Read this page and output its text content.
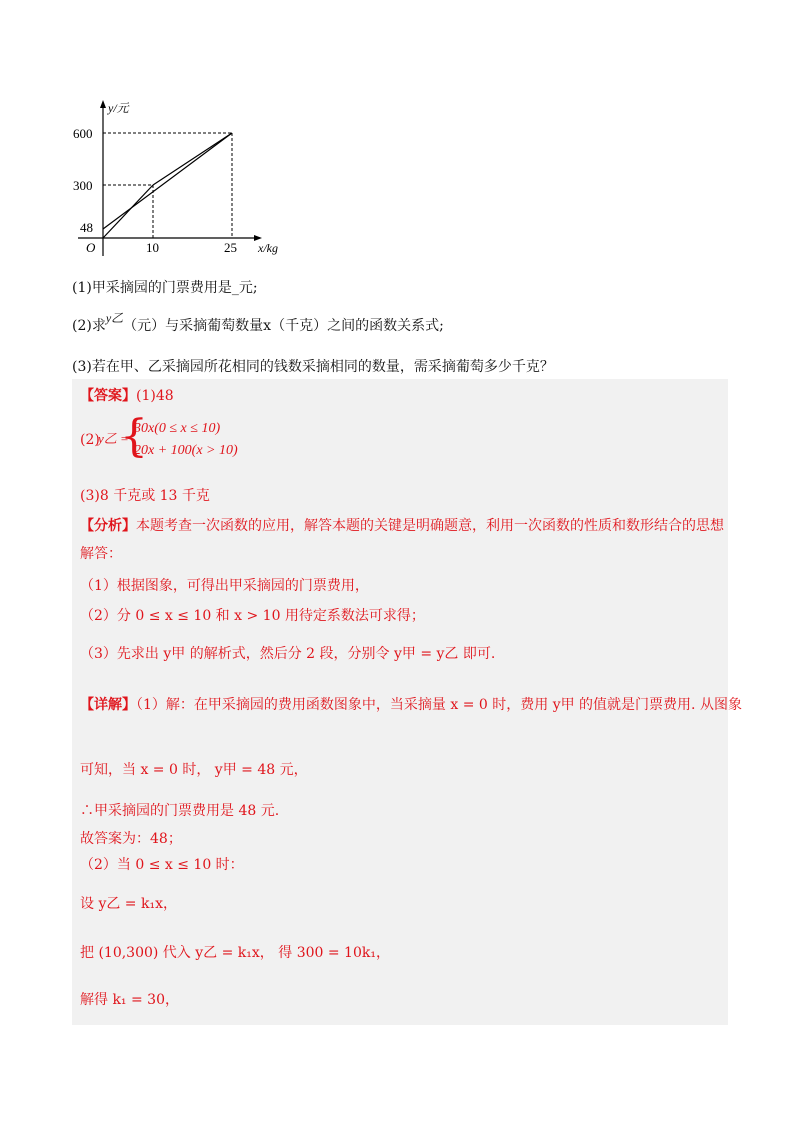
y/元
600
300
48
O	10	25 x/kg
(1)甲采摘园的门票费用是_元;
(2)求y乙（元）与采摘葡萄数量x（千克）之间的函数关系式;
(3)若在甲、乙采摘园所花相同的钱数采摘相同的数量，需采摘葡萄多少千克？
【答案】(1)48
(2)
y乙 =
{
30x(0 ≤ x ≤ 10)
20x + 100(x > 10)
(3)8 千克或 13 千克
【分析】本题考查一次函数的应用，解答本题的关键是明确题意，利用一次函数的性质和数形结合的思想
解答：
（1）根据图象，可得出甲采摘园的门票费用，
（2）分 0 ≤ x ≤ 10 和 x > 10 用待定系数法可求得；
（3）先求出 y甲 的解析式，然后分 2 段，分别令 y甲 = y乙 即可.
【详解】（1）解：在甲采摘园的费用函数图象中，当采摘量 x = 0 时，费用 y甲 的值就是门票费用. 从图象
可知，当 x = 0 时， y甲 = 48 元，
∴甲采摘园的门票费用是 48 元.
故答案为：48；
（2）当 0 ≤ x ≤ 10 时：
设 y乙 = k₁x，
把 (10,300) 代入 y乙 = k₁x， 得 300 = 10k₁，
解得 k₁ = 30，
